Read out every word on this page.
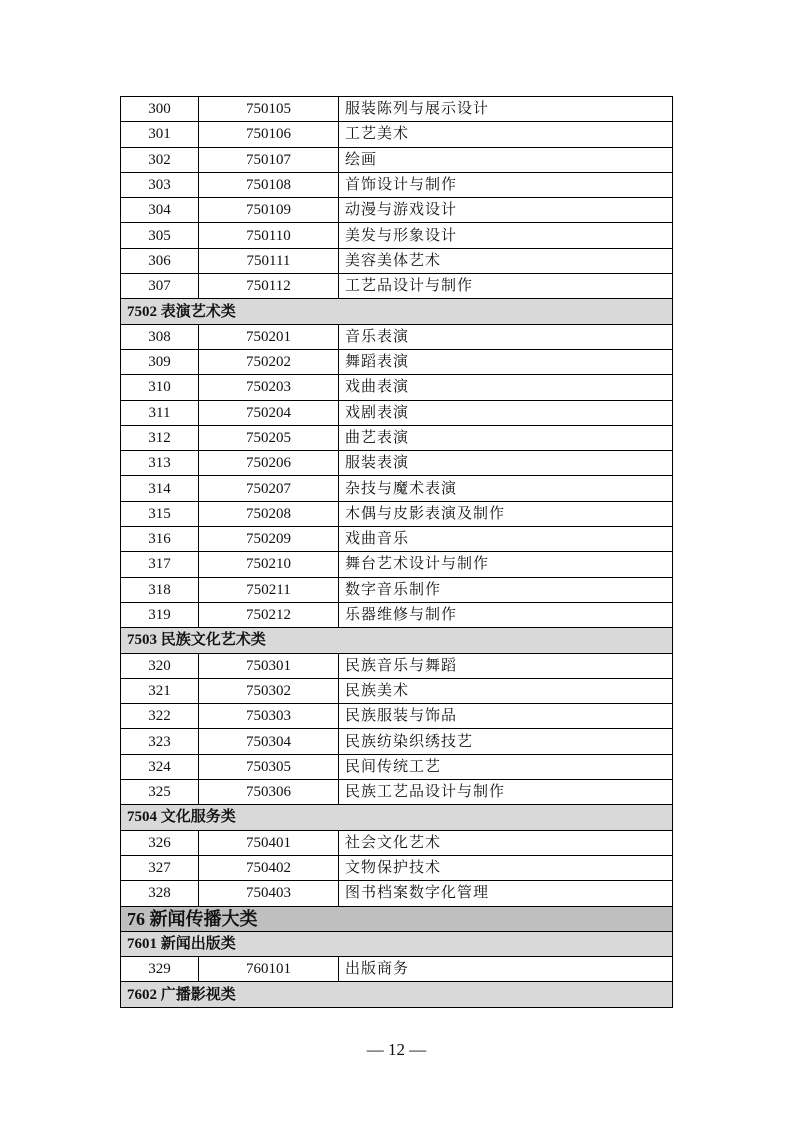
300	750105	服装陈列与展示设计
301	750106	工艺美术
302	750107	绘画
303	750108	首饰设计与制作
304	750109	动漫与游戏设计
305	750110	美发与形象设计
306	750111	美容美体艺术
307	750112	工艺品设计与制作
7502 表演艺术类		
308	750201	音乐表演
309	750202	舞蹈表演
310	750203	戏曲表演
311	750204	戏剧表演
312	750205	曲艺表演
313	750206	服装表演
314	750207	杂技与魔术表演
315	750208	木偶与皮影表演及制作
316	750209	戏曲音乐
317	750210	舞台艺术设计与制作
318	750211	数字音乐制作
319	750212	乐器维修与制作
7503 民族文化艺术类		
320	750301	民族音乐与舞蹈
321	750302	民族美术
322	750303	民族服装与饰品
323	750304	民族纺染织绣技艺
324	750305	民间传统工艺
325	750306	民族工艺品设计与制作
7504 文化服务类		
326	750401	社会文化艺术
327	750402	文物保护技术
328	750403	图书档案数字化管理
76 新闻传播大类		
7601 新闻出版类		
329	760101	出版商务
7602 广播影视类		
— 12 —
